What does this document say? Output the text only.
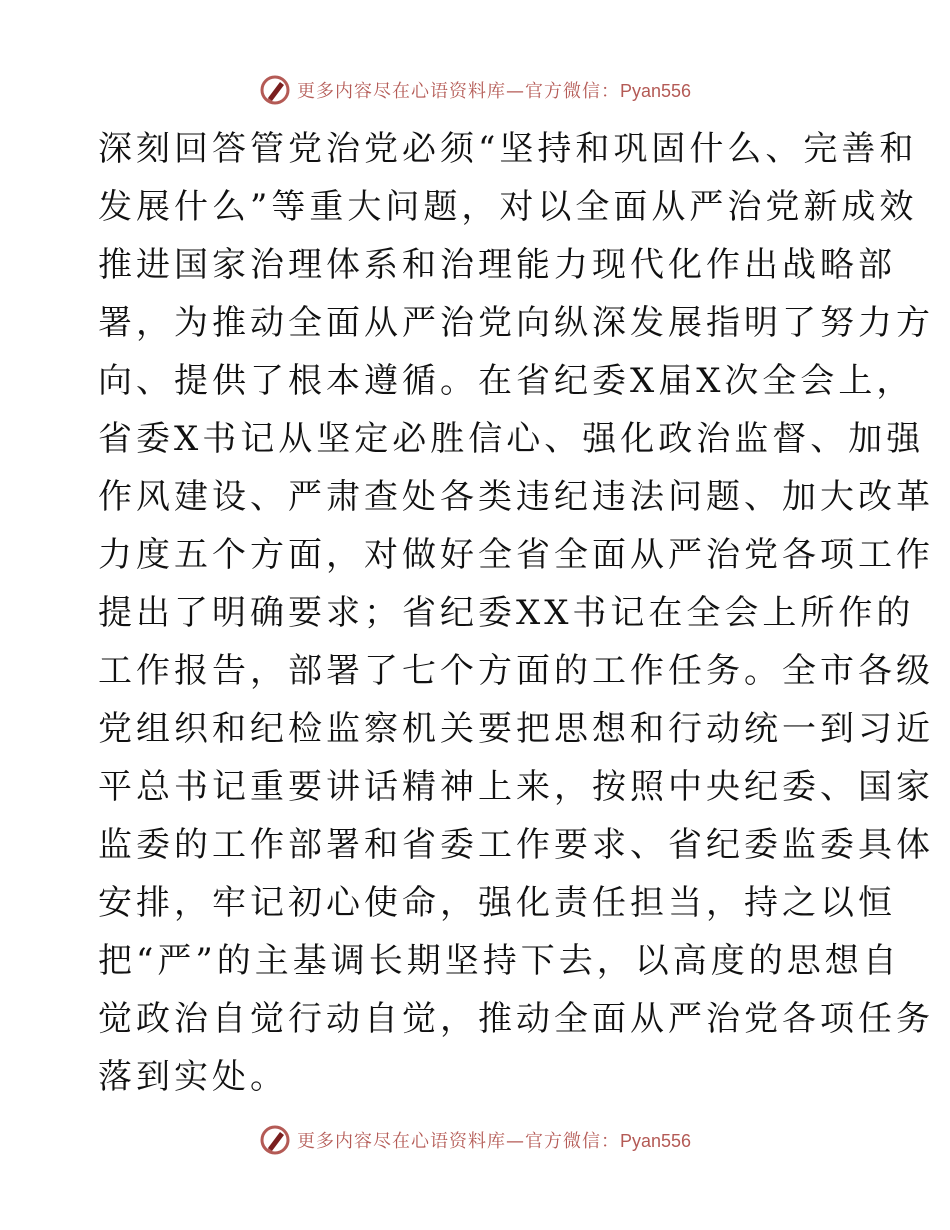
更多内容尽在心语资料库—官方微信：Pyan556
深刻回答管党治党必须“坚持和巩固什么、完善和
发展什么”等重大问题，对以全面从严治党新成效
推进国家治理体系和治理能力现代化作出战略部
署，为推动全面从严治党向纵深发展指明了努力方
向、提供了根本遵循。在省纪委X届X次全会上，
省委X书记从坚定必胜信心、强化政治监督、加强
作风建设、严肃查处各类违纪违法问题、加大改革
力度五个方面，对做好全省全面从严治党各项工作
提出了明确要求；省纪委XX书记在全会上所作的
工作报告，部署了七个方面的工作任务。全市各级
党组织和纪检监察机关要把思想和行动统一到习近
平总书记重要讲话精神上来，按照中央纪委、国家
监委的工作部署和省委工作要求、省纪委监委具体
安排，牢记初心使命，强化责任担当，持之以恒
把“严”的主基调长期坚持下去，以高度的思想自
觉政治自觉行动自觉，推动全面从严治党各项任务
落到实处。
更多内容尽在心语资料库—官方微信：Pyan556
